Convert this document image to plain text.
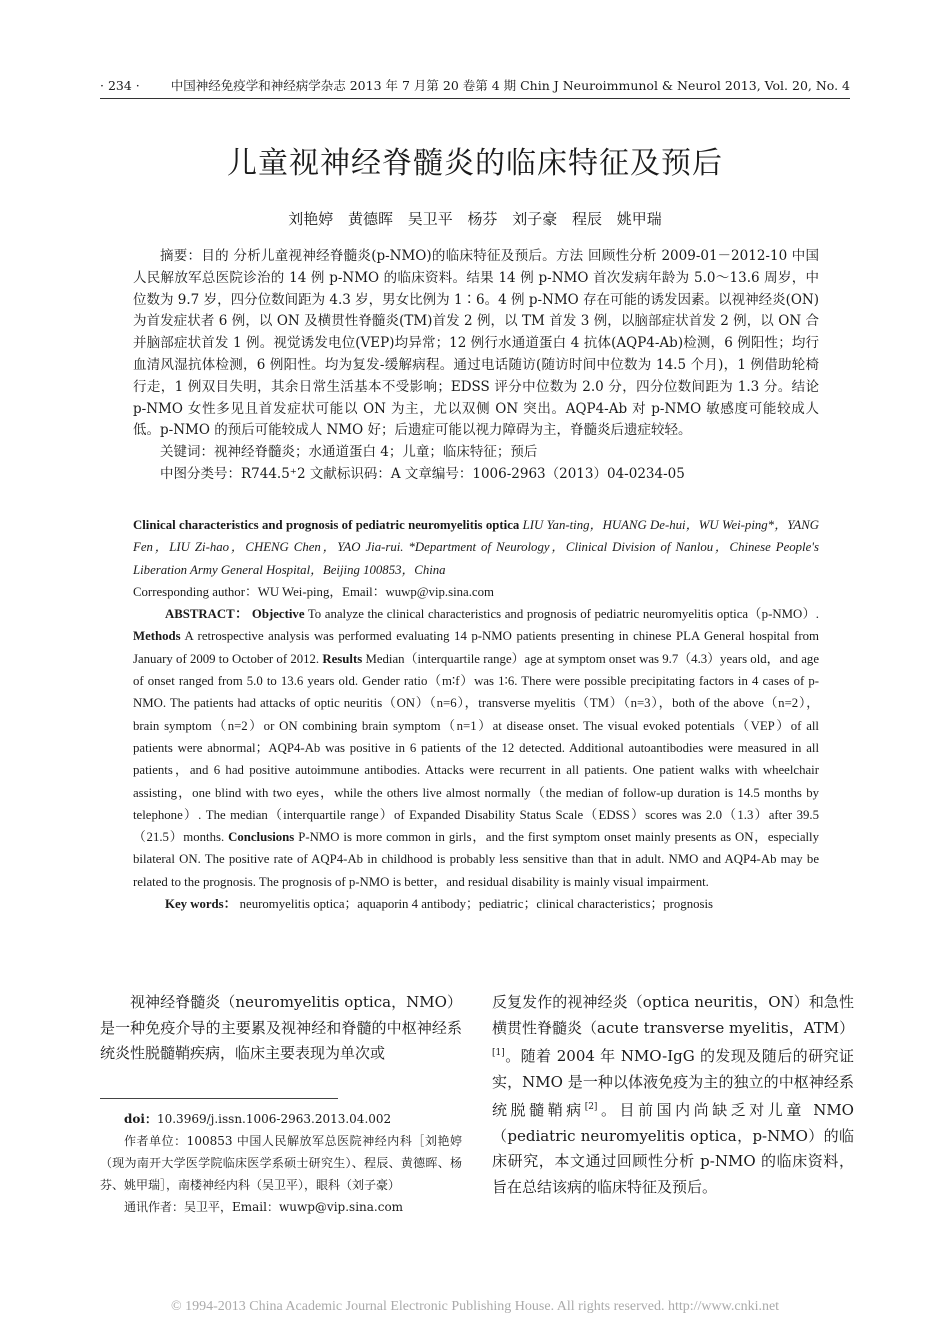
· 234 · 中国神经免疫学和神经病学杂志 2013 年 7 月第 20 卷第 4 期 Chin J Neuroimmunol & Neurol 2013, Vol. 20, No. 4
儿童视神经脊髓炎的临床特征及预后
刘艳婷 黄德晖 吴卫平 杨芬 刘子豪 程辰 姚甲瑞

摘要：目的 分析儿童视神经脊髓炎(p-NMO)的临床特征及预后。方法 回顾性分析 2009-01－2012-10 中国人民解放军总医院诊治的 14 例 p-NMO 的临床资料。结果 14 例 p-NMO 首次发病年龄为 5.0～13.6 周岁，中位数为 9.7 岁，四分位数间距为 4.3 岁，男女比例为 1∶6。4 例 p-NMO 存在可能的诱发因素。以视神经炎(ON)为首发症状者 6 例，以 ON 及横贯性脊髓炎(TM)首发 2 例，以 TM 首发 3 例，以脑部症状首发 2 例，以 ON 合并脑部症状首发 1 例。视觉诱发电位(VEP)均异常；12 例行水通道蛋白 4 抗体(AQP4-Ab)检测，6 例阳性；均行血清风湿抗体检测，6 例阳性。均为复发-缓解病程。通过电话随访(随访时间中位数为 14.5 个月)，1 例借助轮椅行走，1 例双目失明，其余日常生活基本不受影响；EDSS 评分中位数为 2.0 分，四分位数间距为 1.3 分。结论 p-NMO 女性多见且首发症状可能以 ON 为主，尤以双侧 ON 突出。AQP4-Ab 对 p-NMO 敏感度可能较成人低。p-NMO 的预后可能较成人 NMO 好；后遗症可能以视力障碍为主，脊髓炎后遗症较轻。

关键词：视神经脊髓炎；水通道蛋白 4；儿童；临床特征；预后

中图分类号：R744.5⁺2 文献标识码：A 文章编号：1006-2963（2013）04-0234-05

Clinical characteristics and prognosis of pediatric neuromyelitis optica LIU Yan-ting，HUANG De-hui，WU Wei-ping*，YANG Fen，LIU Zi-hao，CHENG Chen，YAO Jia-rui. *Department of Neurology，Clinical Division of Nanlou，Chinese People's Liberation Army General Hospital，Beijing 100853，China

Corresponding author：WU Wei-ping，Email：wuwp@vip.sina.com

ABSTRACT： Objective To analyze the clinical characteristics and prognosis of pediatric neuromyelitis optica（p-NMO）. Methods A retrospective analysis was performed evaluating 14 p-NMO patients presenting in chinese PLA General hospital from January of 2009 to October of 2012. Results Median（interquartile range）age at symptom onset was 9.7（4.3）years old，and age of onset ranged from 5.0 to 13.6 years old. Gender ratio（m∶f）was 1∶6. There were possible precipitating factors in 4 cases of p-NMO. The patients had attacks of optic neuritis（ON）（n=6），transverse myelitis（TM）（n=3），both of the above（n=2），brain symptom（n=2）or ON combining brain symptom（n=1）at disease onset. The visual evoked potentials（VEP）of all patients were abnormal；AQP4-Ab was positive in 6 patients of the 12 detected. Additional autoantibodies were measured in all patients，and 6 had positive autoimmune antibodies. Attacks were recurrent in all patients. One patient walks with wheelchair assisting，one blind with two eyes，while the others live almost normally（the median of follow-up duration is 14.5 months by telephone）. The median（interquartile range）of Expanded Disability Status Scale（EDSS）scores was 2.0（1.3）after 39.5（21.5）months. Conclusions P-NMO is more common in girls，and the first symptom onset mainly presents as ON，especially bilateral ON. The positive rate of AQP4-Ab in childhood is probably less sensitive than that in adult. NMO and AQP4-Ab may be related to the prognosis. The prognosis of p-NMO is better，and residual disability is mainly visual impairment.

Key words： neuromyelitis optica；aquaporin 4 antibody；pediatric；clinical characteristics；prognosis

视神经脊髓炎（neuromyelitis optica，NMO）是一种免疫介导的主要累及视神经和脊髓的中枢神经系统炎性脱髓鞘疾病，临床主要表现为单次或

doi：10.3969/j.issn.1006-2963.2013.04.002

作者单位：100853 中国人民解放军总医院神经内科［刘艳婷（现为南开大学医学院临床医学系硕士研究生）、程辰、黄德晖、杨芬、姚甲瑞］，南楼神经内科（吴卫平），眼科（刘子豪）

通讯作者：吴卫平，Email：wuwp@vip.sina.com

反复发作的视神经炎（optica neuritis，ON）和急性横贯性脊髓炎（acute transverse myelitis，ATM）[1]。随着 2004 年 NMO-IgG 的发现及随后的研究证实，NMO 是一种以体液免疫为主的独立的中枢神经系统脱髓鞘病[2]。目前国内尚缺乏对儿童 NMO（pediatric neuromyelitis optica，p-NMO）的临床研究，本文通过回顾性分析 p-NMO 的临床资料，旨在总结该病的临床特征及预后。

© 1994-2013 China Academic Journal Electronic Publishing House. All rights reserved. http://www.cnki.net
